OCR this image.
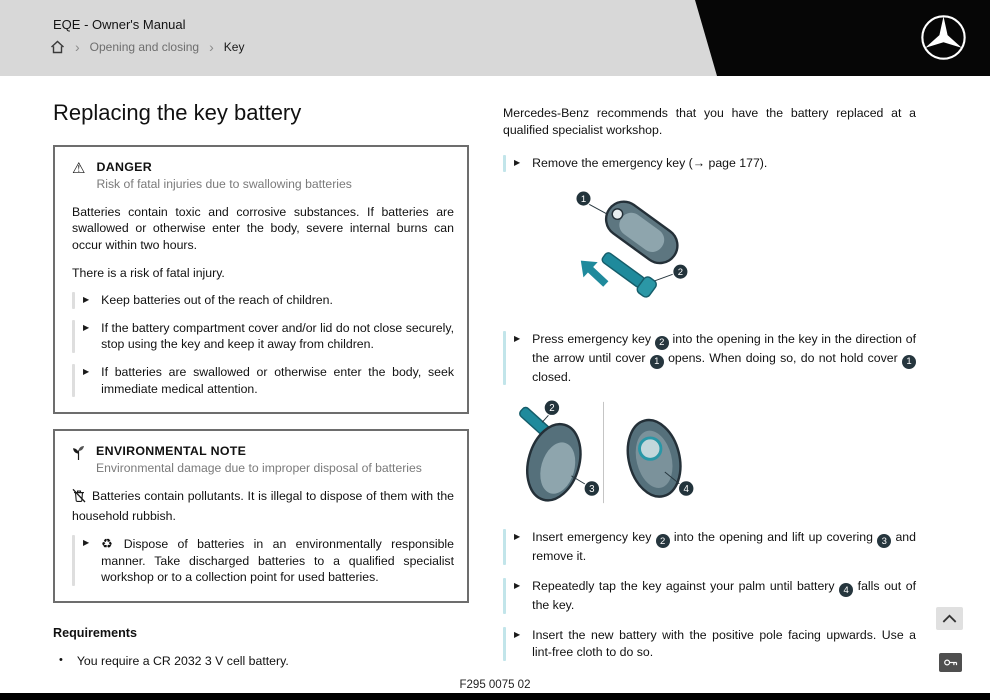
EQE - Owner's Manual
› Opening and closing › Key
Replacing the key battery
⚠ DANGER
Risk of fatal injuries due to swallowing batteries

Batteries contain toxic and corrosive substances. If batteries are swallowed or otherwise enter the body, severe internal burns can occur within two hours.

There is a risk of fatal injury.

▶ Keep batteries out of the reach of children.
▶ If the battery compartment cover and/or lid do not close securely, stop using the key and keep it away from children.
▶ If batteries are swallowed or otherwise enter the body, seek immediate medical attention.
ENVIRONMENTAL NOTE
Environmental damage due to improper disposal of batteries

Batteries contain pollutants. It is illegal to dispose of them with the household rubbish.

▶ ♻ Dispose of batteries in an environmentally responsible manner. Take discharged batteries to a qualified specialist workshop or to a collection point for used batteries.
Requirements
• You require a CR 2032 3 V cell battery.

Mercedes-Benz recommends that you have the battery replaced at a qualified specialist workshop.

▶ Remove the emergency key (→ page 177).
1
2
▶ Press emergency key 2 into the opening in the key in the direction of the arrow until cover 1 opens. When doing so, do not hold cover 1 closed.
2
3	4
▶ Insert emergency key 2 into the opening and lift up covering 3 and remove it.
▶ Repeatedly tap the key against your palm until battery 4 falls out of the key.
▶ Insert the new battery with the positive pole facing upwards. Use a lint-free cloth to do so.
F295 0075 02
